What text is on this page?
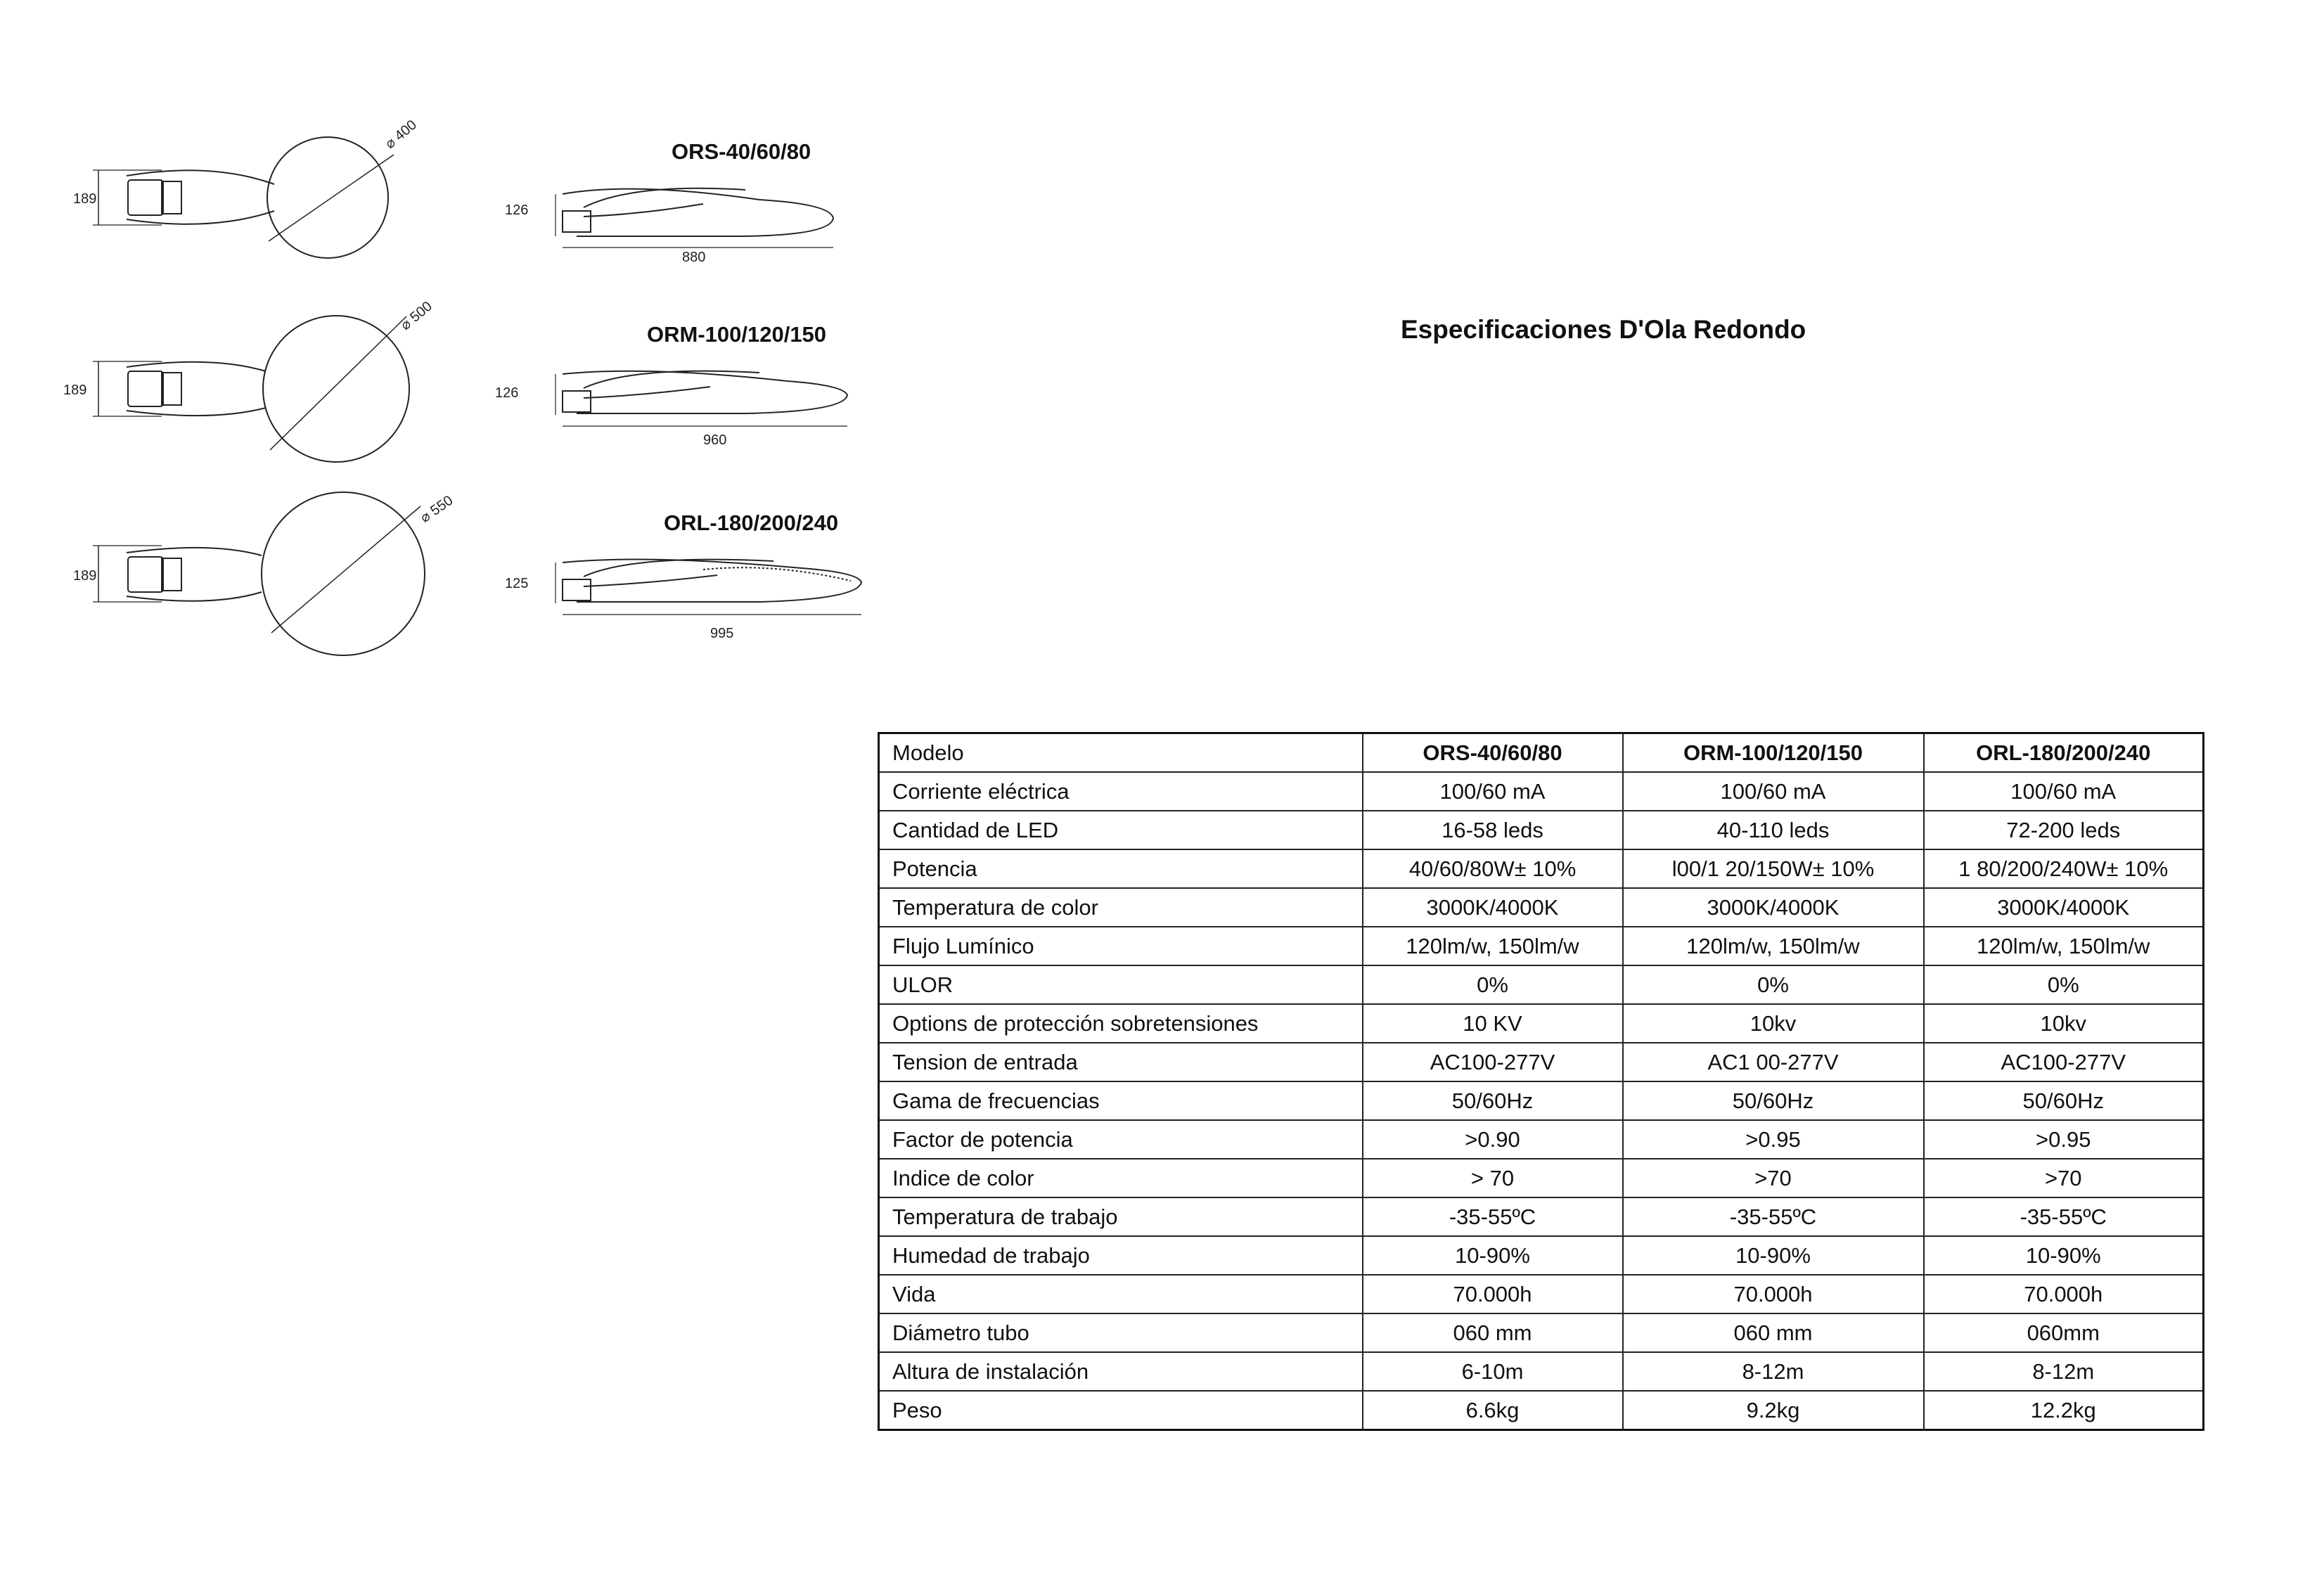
189
⌀ 400
126
880
189
⌀ 500
126
960
189
⌀ 550
125
995
ORS-40/60/80
ORM-100/120/150
ORL-180/200/240
Especificaciones D'Ola Redondo
Modelo	ORS-40/60/80	ORM-100/120/150	ORL-180/200/240
Corriente eléctrica	100/60 mA	100/60 mA	100/60 mA
Cantidad de LED	16-58 leds	40-110 leds	72-200 leds
Potencia	40/60/80W± 10%	l00/1 20/150W± 10%	1 80/200/240W± 10%
Temperatura de color	3000K/4000K	3000K/4000K	3000K/4000K
Flujo Lumínico	120lm/w, 150lm/w	120lm/w, 150lm/w	120lm/w, 150lm/w
ULOR	0%	0%	0%
Options de protección sobretensiones	10 KV	10kv	10kv
Tension de entrada	AC100-277V	AC1 00-277V	AC100-277V
Gama de frecuencias	50/60Hz	50/60Hz	50/60Hz
Factor de potencia	>0.90	>0.95	>0.95
Indice de color	> 70	>70	>70
Temperatura de trabajo	-35-55ºC	-35-55ºC	-35-55ºC
Humedad de trabajo	10-90%	10-90%	10-90%
Vida	70.000h	70.000h	70.000h
Diámetro tubo	060 mm	060 mm	060mm
Altura de instalación	6-10m	8-12m	8-12m
Peso	6.6kg	9.2kg	12.2kg
